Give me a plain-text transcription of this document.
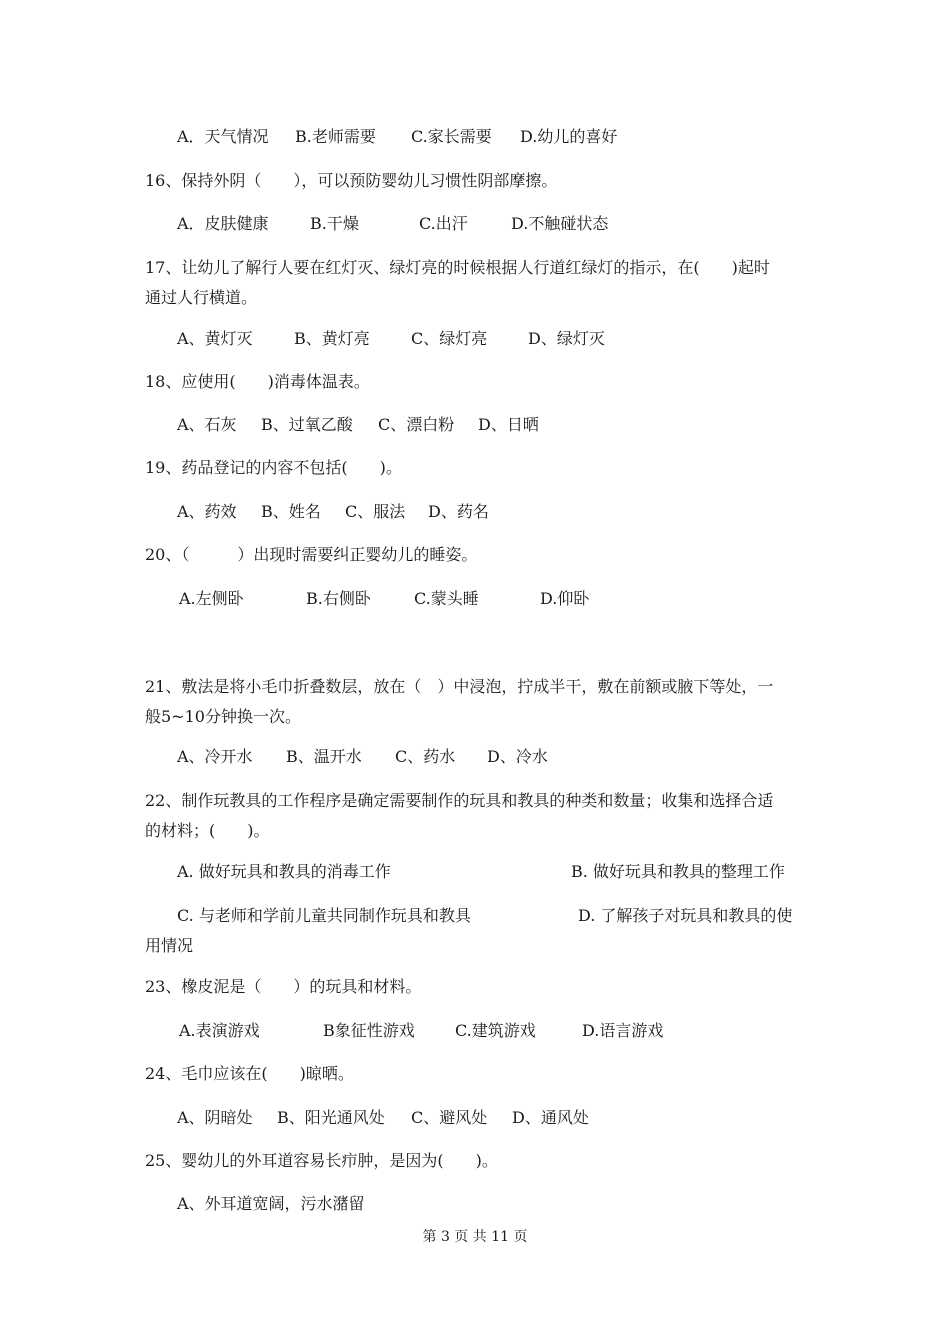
A．天气情况 B.老师需要 C.家长需要 D.幼儿的喜好
16、保持外阴（　　），可以预防婴幼儿习惯性阴部摩擦。
A．皮肤健康	B.干燥	C.出汗	D.不触碰状态
17、让幼儿了解行人要在红灯灭、绿灯亮的时候根据人行道红绿灯的指示，在(　　)起时
通过人行横道。
A、黄灯灭	B、黄灯亮	C、绿灯亮	D、绿灯灭
18、应使用(　　)消毒体温表。
A、石灰 B、过氧乙酸 C、漂白粉 D、日晒
19、药品登记的内容不包括(　　)。
A、药效 B、姓名 C、服法 D、药名
20、（　　　）出现时需要纠正婴幼儿的睡姿。
A.左侧卧	B.右侧卧	C.蒙头睡	D.仰卧
21、敷法是将小毛巾折叠数层，放在（　）中浸泡，拧成半干，敷在前额或腋下等处，一
般5~10分钟换一次。
A、冷开水 B、温开水 C、药水 D、冷水
22、制作玩教具的工作程序是确定需要制作的玩具和教具的种类和数量；收集和选择合适
的材料；(　　)。
A. 做好玩具和教具的消毒工作	B. 做好玩具和教具的整理工作
C. 与老师和学前儿童共同制作玩具和教具	D. 了解孩子对玩具和教具的使
用情况
23、橡皮泥是（　　）的玩具和材料。
A.表演游戏	B象征性游戏	C.建筑游戏	D.语言游戏
24、毛巾应该在(　　)晾晒。
A、阴暗处 B、阳光通风处 C、避风处 D、通风处
25、婴幼儿的外耳道容易长疖肿，是因为(　　)。
A、外耳道宽阔，污水潴留
第 3 页 共 11 页
